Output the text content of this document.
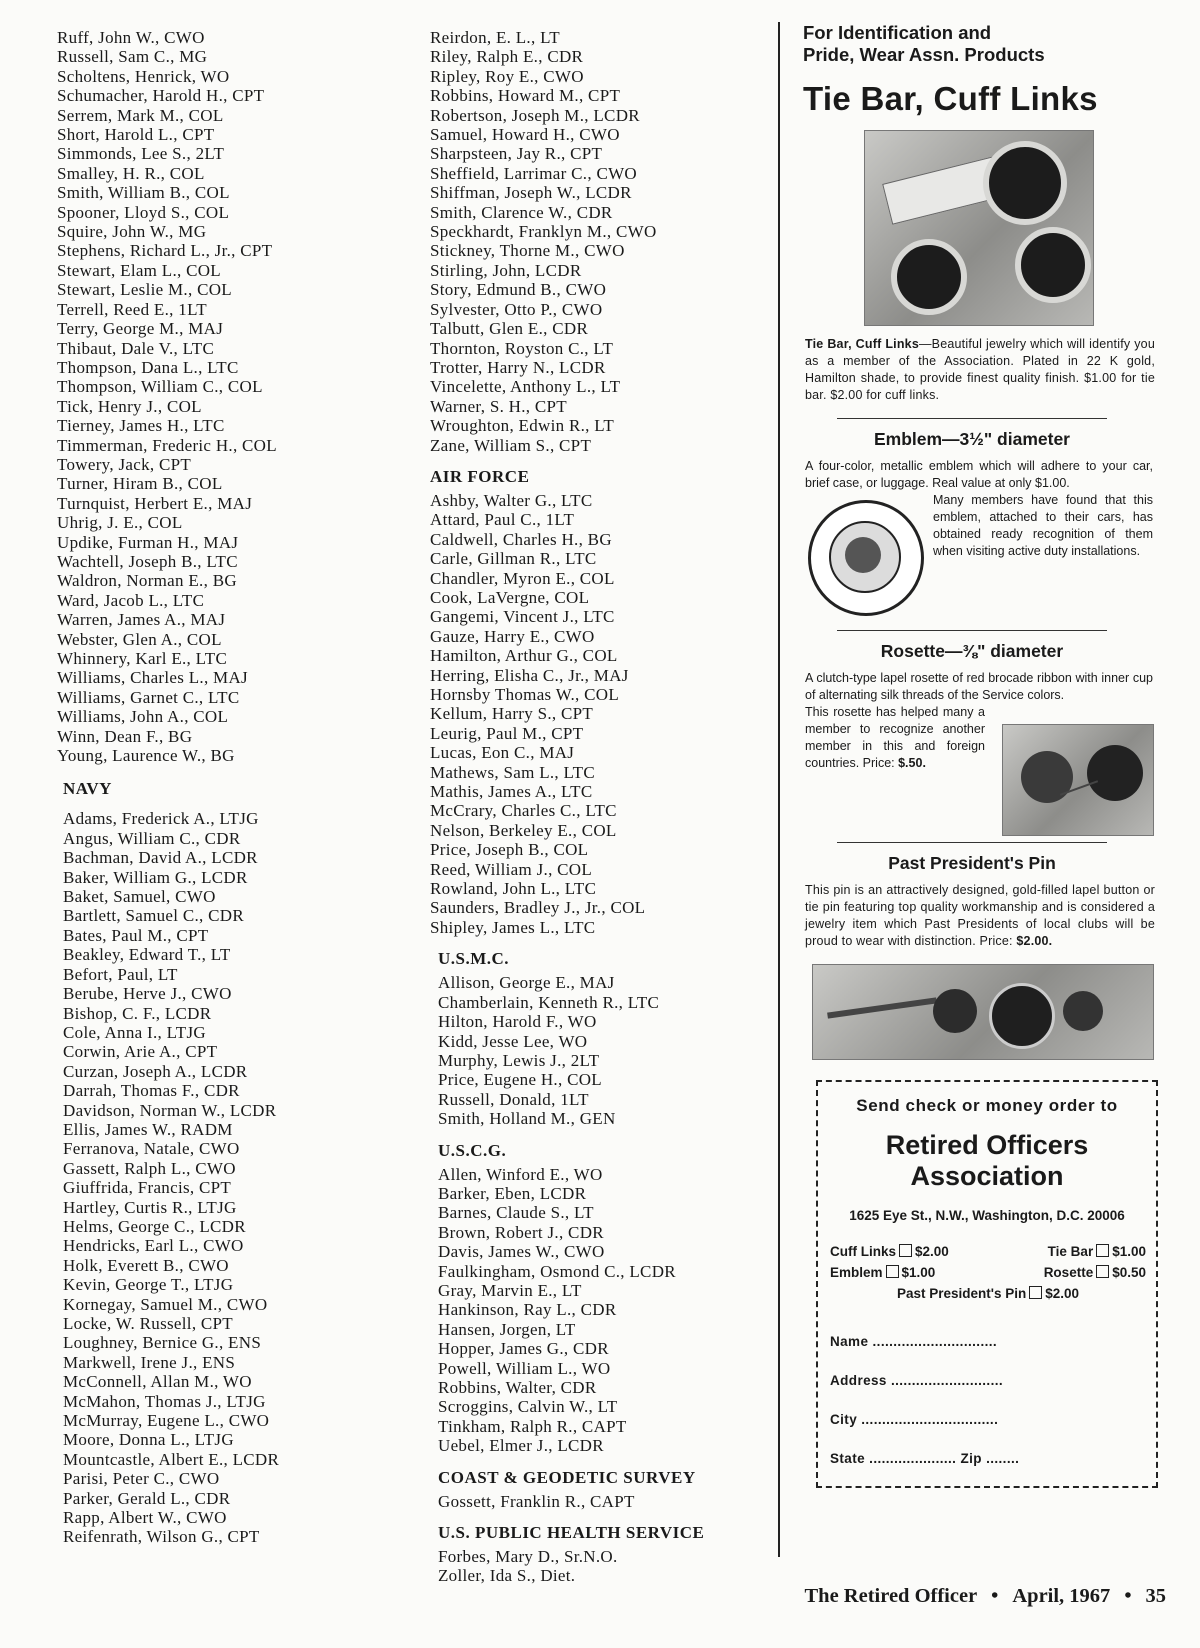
Ruff, John W., CWO
Russell, Sam C., MG
Scholtens, Henrick, WO
Schumacher, Harold H., CPT
Serrem, Mark M., COL
Short, Harold L., CPT
Simmonds, Lee S., 2LT
Smalley, H. R., COL
Smith, William B., COL
Spooner, Lloyd S., COL
Squire, John W., MG
Stephens, Richard L., Jr., CPT
Stewart, Elam L., COL
Stewart, Leslie M., COL
Terrell, Reed E., 1LT
Terry, George M., MAJ
Thibaut, Dale V., LTC
Thompson, Dana L., LTC
Thompson, William C., COL
Tick, Henry J., COL
Tierney, James H., LTC
Timmerman, Frederic H., COL
Towery, Jack, CPT
Turner, Hiram B., COL
Turnquist, Herbert E., MAJ
Uhrig, J. E., COL
Updike, Furman H., MAJ
Wachtell, Joseph B., LTC
Waldron, Norman E., BG
Ward, Jacob L., LTC
Warren, James A., MAJ
Webster, Glen A., COL
Whinnery, Karl E., LTC
Williams, Charles L., MAJ
Williams, Garnet C., LTC
Williams, John A., COL
Winn, Dean F., BG
Young, Laurence W., BG
NAVY
Adams, Frederick A., LTJG
Angus, William C., CDR
Bachman, David A., LCDR
Baker, William G., LCDR
Baket, Samuel, CWO
Bartlett, Samuel C., CDR
Bates, Paul M., CPT
Beakley, Edward T., LT
Befort, Paul, LT
Berube, Herve J., CWO
Bishop, C. F., LCDR
Cole, Anna I., LTJG
Corwin, Arie A., CPT
Curzan, Joseph A., LCDR
Darrah, Thomas F., CDR
Davidson, Norman W., LCDR
Ellis, James W., RADM
Ferranova, Natale, CWO
Gassett, Ralph L., CWO
Giuffrida, Francis, CPT
Hartley, Curtis R., LTJG
Helms, George C., LCDR
Hendricks, Earl L., CWO
Holk, Everett B., CWO
Kevin, George T., LTJG
Kornegay, Samuel M., CWO
Locke, W. Russell, CPT
Loughney, Bernice G., ENS
Markwell, Irene J., ENS
McConnell, Allan M., WO
McMahon, Thomas J., LTJG
McMurray, Eugene L., CWO
Moore, Donna L., LTJG
Mountcastle, Albert E., LCDR
Parisi, Peter C., CWO
Parker, Gerald L., CDR
Rapp, Albert W., CWO
Reifenrath, Wilson G., CPT
Reirdon, E. L., LT
Riley, Ralph E., CDR
Ripley, Roy E., CWO
Robbins, Howard M., CPT
Robertson, Joseph M., LCDR
Samuel, Howard H., CWO
Sharpsteen, Jay R., CPT
Sheffield, Larrimar C., CWO
Shiffman, Joseph W., LCDR
Smith, Clarence W., CDR
Speckhardt, Franklyn M., CWO
Stickney, Thorne M., CWO
Stirling, John, LCDR
Story, Edmund B., CWO
Sylvester, Otto P., CWO
Talbutt, Glen E., CDR
Thornton, Royston C., LT
Trotter, Harry N., LCDR
Vincelette, Anthony L., LT
Warner, S. H., CPT
Wroughton, Edwin R., LT
Zane, William S., CPT
AIR FORCE
Ashby, Walter G., LTC
Attard, Paul C., 1LT
Caldwell, Charles H., BG
Carle, Gillman R., LTC
Chandler, Myron E., COL
Cook, LaVergne, COL
Gangemi, Vincent J., LTC
Gauze, Harry E., CWO
Hamilton, Arthur G., COL
Herring, Elisha C., Jr., MAJ
Hornsby Thomas W., COL
Kellum, Harry S., CPT
Leurig, Paul M., CPT
Lucas, Eon C., MAJ
Mathews, Sam L., LTC
Mathis, James A., LTC
McCrary, Charles C., LTC
Nelson, Berkeley E., COL
Price, Joseph B., COL
Reed, William J., COL
Rowland, John L., LTC
Saunders, Bradley J., Jr., COL
Shipley, James L., LTC
U.S.M.C.
Allison, George E., MAJ
Chamberlain, Kenneth R., LTC
Hilton, Harold F., WO
Kidd, Jesse Lee, WO
Murphy, Lewis J., 2LT
Price, Eugene H., COL
Russell, Donald, 1LT
Smith, Holland M., GEN
U.S.C.G.
Allen, Winford E., WO
Barker, Eben, LCDR
Barnes, Claude S., LT
Brown, Robert J., CDR
Davis, James W., CWO
Faulkingham, Osmond C., LCDR
Gray, Marvin E., LT
Hankinson, Ray L., CDR
Hansen, Jorgen, LT
Hopper, James G., CDR
Powell, William L., WO
Robbins, Walter, CDR
Scroggins, Calvin W., LT
Tinkham, Ralph R., CAPT
Uebel, Elmer J., LCDR
COAST & GEODETIC SURVEY
Gossett, Franklin R., CAPT
U.S. PUBLIC HEALTH SERVICE
Forbes, Mary D., Sr.N.O.
Zoller, Ida S., Diet.
For Identification and
Pride, Wear Assn. Products
Tie Bar, Cuff Links
Tie Bar, Cuff Links—Beautiful jewelry which will identify you as a member of the Association. Plated in 22 K gold, Hamilton shade, to provide finest quality finish. $1.00 for tie bar. $2.00 for cuff links.
Emblem—3½" diameter
A four-color, metallic emblem which will adhere to your car, brief case, or luggage. Real value at only $1.00.
Many members have found that this emblem, attached to their cars, has obtained ready recognition of them when visiting active duty installations.
Rosette—⅜" diameter
A clutch-type lapel rosette of red brocade ribbon with inner cup of alternating silk threads of the Service colors.
This rosette has helped many a member to recognize another member in this and foreign countries. Price: $.50.
Past President's Pin
This pin is an attractively designed, gold-filled lapel button or tie pin featuring top quality workmanship and is considered a jewelry item which Past Presidents of local clubs will be proud to wear with distinction. Price: $2.00.
Send check or money order to
Retired Officers
Association
1625 Eye St., N.W., Washington, D.C. 20006
Cuff Links $2.00	Tie Bar $1.00
Emblem $1.00	Rosette $0.50
Past President's Pin $2.00
Name ..............................
Address ...........................
City .................................
State ..................... Zip ........
The Retired Officer • April, 1967 • 35
